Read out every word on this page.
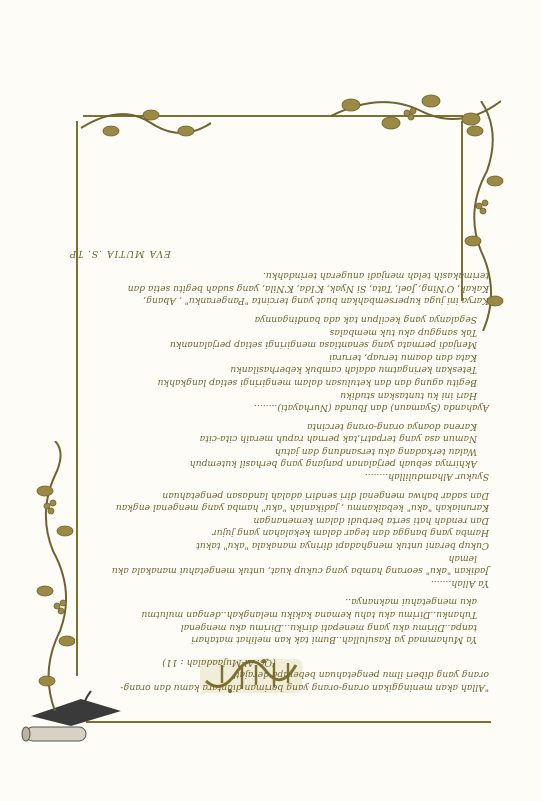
"Allah akan meninggikan orang-orang yang beriman diantara kamu dan orang-
orang yang diberi ilmu pengetahuan beberapa derajat"

(Qs. Al-Mujaadalah : 11)

Ya Muhammad ya Rasulullah..Bumi tak kan melihat matahari
tanpa..Dirimu aku yang menepati diriku...Dirimu aku mengenal
Tuhanku..Dirimu aku tahu kemana kakiku melangkah..dengan mulutmu
aku mengetahui maknanya..

Ya Allah.......
Jadikan "aku" seorang hamba yang cukup kuat, untuk mengetahui manakala aku
lemah
Cukup berani untuk menghadapi dirinya manakala "aku" takut
Hamba yang bangga dan tegar dalam kekalahan yang jujur
Dan rendah hati serta berbudi dalam kemenangan
Karuniakah "aku" kebaikanmu , jadikanlah "aku" hamba yang mengenal engkau
Dan sadar bahwa mengenal diri sendiri adalah landasan pengetahuan

Syukur Alhamdulillah........
Akhirnya sebuah perjalanan panjang yang berhasil kutempuh
Walau terkadang aku tersandung dan jatuh
Namun asa yang terpatri,tak pernah rapuh meraih cita-cita
Karena doanya orang-orang tercinta

Ayahanda (Syamaun) dan Ibunda (Nurhayati)........
Hari ini ku tuntaskan studiku
Begitu agung dan dan ketulusan dalam mengiringi setiap langkahku
Teteskan keringatmu adalah cambuk keberhasilanku
Kata dan doamu teruap, terurai
Menjadi permata yang senantiasa mengiringi setiap perjalananku
Tak sanggup aku tuk membalas
Segalanya yang kecilpun tak ada bandingannya

Karya ini juga kupersembahkan buat yang tercinta "Pangeranku" , Abang,
Kakak, O'Ning, Joel, Tata, Si Nyak, K'Ida, K'Nila, yang sudah begitu setia dan
terimakasih telah menjadi anugerah terindahku.

EVA MUTIA .S. TP
